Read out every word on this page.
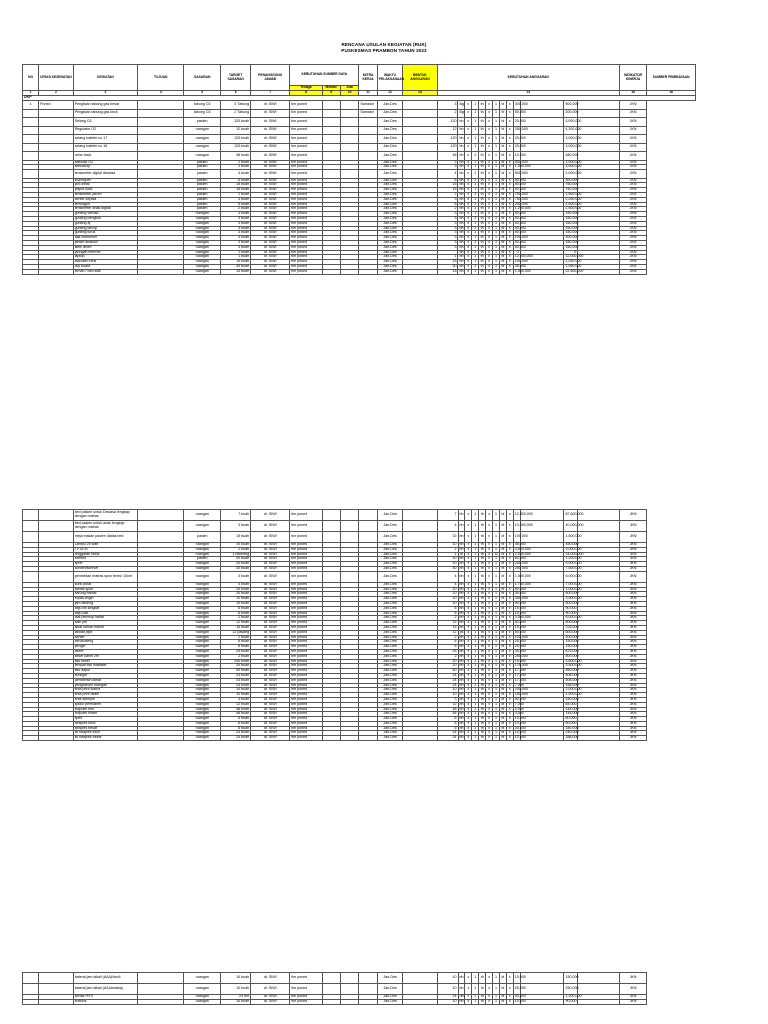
RENCANA USULAN KEGIATAN (RUK)
PUSKESMAS PRAMBON TAHUN 2023
NO	UPAYA KESEHATAN	KEGIATAN	TUJUAN	SASARAN	TARGET SASARAN	PENANGGUNG JAWAB	KEBUTUHAN SUMBER DAYA			MITRA KERJA	WAKTU PELAKSANAAN	BENTUK ANGGARAN	KEBUTUHAN ANGGARAN													INDIKATOR KINERJA	SUMBER PEMBIAYAAN
							Tenaga	Metode	Alat																		
1	2	3	4	5	6	7	8	9	10	11	12	13	14													15	16
UKP																											
1	Poned	Pengisian tabung gas besar		tabung O2	3 Tabung	dr. SIWI	tim poned			Samator	Jan-Des		3	Bg	x	1	th	x	1	bl	x	300,000		900,000		JKN	
		Pengisian tabung gas kecil		tabung O2	2 Tabung	dr. SIWI	tim poned			Samator	Jan-Des		2	Bg	x	1	th	x	1	bl	x	50,000		200,000		JKN	
		Selang O2		pasien	120 buah	dr. SIWI	tim poned				Jan-Des		120	bh	x	1	th	x	1	bl	x	25,000		3,000,000		JKN	
		Regulator O2		ruangan	12 buah	dr. SIWI	tim poned				Jan-Des		12	bh	x	1	th	x	1	bl	x	350,000		4,200,000		JKN	
		selang kateter no 17		ruangan	120 buah	dr. SIWI	tim poned				Jan-Des		120	bh	x	1	th	x	1	bl	x	25,000		3,000,000		JKN	
		selang kateter no 16		ruangan	120 buah	dr. SIWI	tim poned				Jan-Des		120	bh	x	1	th	x	1	bl	x	25,000		3,000,000		JKN	
		urine back		ruangan	48 buah	dr. SIWI	tim poned				Jan-Des		48	bh	x	1	th	x	1	bl	x	10,000		480,000		JKN	
		saturasi O2		pasien	2 buah	dr. SIWI	tim poned				Jan-Des		2	bh	x	1	th	x	1	bl	x	500,000		1,000,000		JKN	
		stetoskop		pasien	3 buah	dr. SIWI	tim poned				Jan-Des		3	bh	x	1	th	x	1	bl	x	1,000,000		3,000,000		JKN	
		tensimeter digital dewasa		pasien	4 buah	dr. SIWI	tim poned				Jan-Des		4	bh	x	1	th	x	1	bl	x	500,000		2,000,000		JKN	
		tourniquet		pasien	6 buah	dr. SIWI	tim poned				Jan-Des		6	bh	x	1	th	x	1	bl	x	50,000		300,000		JKN	
		pot urinal		pasien	15 buah	dr. SIWI	tim poned				Jan-Des		15	bh	x	1	th	x	1	bl	x	50,000		750,000		JKN	
		pispot BAB		pasien	15 buah	dr. SIWI	tim poned				Jan-Des		15	bh	x	1	th	x	1	bl	x	50,000		750,000		JKN	
		tensimeter jarum		pasien	2 buah	dr. SIWI	tim poned				Jan-Des		2	bh	x	1	th	x	1	bl	x	750,000		1,500,000		JKN	
		senter kepala		pasien	3 buah	dr. SIWI	tim poned				Jan-Des		3	bh	x	1	th	x	1	bl	x	750,000		2,250,000		JKN	
		termogun		pasien	6 buah	dr. SIWI	tim poned				Jan-Des		6	bh	x	1	th	x	1	bl	x	250,000		1,500,000		JKN	
		tensimeter anak digital		pasien	2 buah	dr. SIWI	tim poned				Jan-Des		2	bh	x	1	th	x	1	bl	x	1,250,000		2,500,000		JKN	
		gunting verban		ruangan	3 buah	dr. SIWI	tim poned				Jan-Des		3	bh	x	1	th	x	1	bl	x	50,000		150,000		JKN	
		gunting bengkok		ruangan	3 buah	dr. SIWI	tim poned				Jan-Des		3	bh	x	1	th	x	1	bl	x	50,000		150,000		JKN	
		gunting aj		ruangan	3 buah	dr. SIWI	tim poned				Jan-Des		3	bh	x	1	th	x	1	bl	x	50,000		150,000		JKN	
		gunting lancip		ruangan	3 buah	dr. SIWI	tim poned				Jan-Des		3	bh	x	1	th	x	1	bl	x	50,000		150,000		JKN	
		gunting lurus		ruangan	3 buah	dr. SIWI	tim poned				Jan-Des		3	bh	x	1	th	x	1	bl	x	50,000		150,000		JKN	
		bak instrumen		ruangan	3 buah	dr. SIWI	tim poned				Jan-Des		3	bh	x	1	th	x	1	bl	x	100,000		300,000		JKN	
		pinset anatomi		ruangan	3 buah	dr. SIWI	tim poned				Jan-Des		3	bh	x	1	th	x	1	bl	x	50,000		150,000		JKN	
		klem arteri		ruangan	3 buah	dr. SIWI	tim poned				Jan-Des		3	bh	x	1	th	x	1	bl	x	50,000		150,000		JKN	
		jaringan internet		ruangan	1 buah	dr. SIWI	tim poned				Jan-Des			bh	x	1	th	x	1	bl	x	0		0		JKN	
		laptop		ruangan	1 buah	dr. SIWI	tim poned				Jan-Des		1	bh	x	1	th	x	1	bl	x	12,000,000		12,000,000		JKN	
		standart infus		ruangan	15 buah	dr. SIWI	tim poned				Jan-Des		15	bh	x	1	th	x	1	bl	x	150,000		2,250,000		JKN	
		clip board		ruangan	30 buah	dr. SIWI	tim poned				Jan-Des		30	bh	x	1	th	x	1	bl	x	35,000		1,050,000		JKN	
		lemari / bed side		ruangan	15 buah	dr. SIWI	tim poned				Jan-Des		15	bh	x	1	th	x	1	bl	x	1,500,000		22,500,000		JKN	
		bed pasien untuk Dewasa lengkap dengan matras		ruangan	7 buah	dr. SIWI	tim poned				Jan-Des		7	bh	x	1	th	x	1	bl	x	12,500,000		87,500,000		JKN
		bed pasien untuk anak lengkap dengan matras		ruangan	3 buah	dr. SIWI	tim poned				Jan-Des		4	bh	x	1	th	x	1	bl	x	10,000,000		40,000,000		JKN
		meja makan pasien diatas bed		pasien	15 buah	dr. SIWI	tim poned				Jan-Des		15	bh	x	1	th	x	1	bl	x	100,000		1,500,000		JKN
		Lampu 25 watt		ruangan	10 buah	dr. SIWI	tim poned				Jan-Des		10	bh	x	1	th	x	1	bl	x	45,000		450,000		JKN
		Tv 32 in		ruangan	2 buah	dr. SIWI	tim poned				Jan-Des		2	bh	x	1	th	x	1	bl	x	4,500,000		9,000,000		JKN
		Anggaran listrik		ruangan	1 rekening	dr. SIWI	tim poned				Jan-Des		1	bl	x	1	th	x	12	bl	x	2,000,000		24,000,000		JKN
		selimut		pasien	20 buah	dr. SIWI	tim poned				Jan-Des		20	bh	x	1	th	x	1	bl	x	60,000		1,200,000		JKN
		sprei		ruangan	20 buah	dr. SIWI	tim poned				Jan-Des		20	bh	x	1	th	x	1	bl	x	250,000		5,000,000		JKN
		korden/skerset		ruangan	30 buah	dr. SIWI	tim poned				Jan-Des		30	bh	x	1	th	x	1	bl	x	250,000		7,500,000		JKN
		pembelian matras spon tenrur 15cm		ruangan	4 buah	dr. SIWI	tim poned				Jan-Des		4	bh	x	1	th	x	1	bl	x	1,500,000		6,000,000		JKN
		kursi putar		ruangan	4 buah	dr. SIWI	tim poned				Jan-Des		4	bh	x	1	th	x	1	bl	x	1,750,000		7,000,000		JKN
		bantal spon		ruangan	20 buah	dr. SIWI	tim poned				Jan-Des		20	bh	x	1	th	x	1	bl	x	50,000		1,000,000		JKN
		sarung bantal		ruangan	20 buah	dr. SIWI	tim poned				Jan-Des		20	bh	x	1	th	x	1	bl	x	30,000		600,000		JKN
		Kipas angin		ruangan	10 buah	dr. SIWI	tim poned				Jan-Des		10	bh	x	1	th	x	1	bl	x	350,000		3,500,000		JKN
		jam dinding		ruangan	10 buah	dr. SIWI	tim poned				Jan-Des		10	bh	x	1	th	x	1	bl	x	50,000		500,000		JKN
		baju kiti kingkat		ruangan	6 buah	dr. SIWI	tim poned				Jan-Des		6	bh	x	1	th	x	1	bl	x	15,000		90,000		JKN
		baju pak		ruangan	6 buah	dr. SIWI	tim poned				Jan-Des		6	bh	x	1	th	x	1	bl	x	15,000		90,000		JKN
		alat pel/mop lantai		ruangan	2 buah	dr. SIWI	tim poned				Jan-Des		2	bh	x	1	th	x	1	bl	x	3,000,000		6,000,000		JKN
		kain pel		ruangan	12 buah	dr. SIWI	tim poned				Jan-Des		12	bh	x	1	th	x	1	bl	x	50,000		600,000		JKN
		sikat kamar mandi		ruangan	15 buah	dr. SIWI	tim poned				Jan-Des		15	bh	x	1	th	x	1	bl	x	15,000		225,000		JKN
		tandat pipit		ruangan	12 pasang	dr. SIWI	tim poned				Jan-Des		12	ps	x	1	th	x	1	bl	x	50,000		600,000		JKN
		senter		ruangan	2 buah	dr. SIWI	tim poned				Jan-Des		2	bh	x	1	th	x	1	bl	x	100,000		200,000		JKN
		serokoseng		ruangan	6 buah	dr. SIWI	tim poned				Jan-Des		6	bh	x	1	th	x	1	bl	x	25,000		150,000		JKN
		pengki		ruangan	6 buah	dr. SIWI	tim poned				Jan-Des		6	bh	x	1	th	x	1	bl	x	25,000		150,000		JKN
		aseet		ruangan	25 buah	dr. SIWI	tim poned				Jan-Des		25	bh	x	1	th	x	1	bl	x	35,000		875,000		JKN
		keset kamit 2m		ruangan	2 buah	dr. SIWI	tim poned				Jan-Des		2	bh	x	1	th	x	1	bl	x	250,000		500,000		JKN
		tisu towel		ruangan	240 buah	dr. SIWI	tim poned				Jan-Des		20	bh	x	1	th	x	1	bl	x	15,000		3,600,000		JKN
		tempat tisu wastafel		ruangan	20 buah	dr. SIWI	tim poned				Jan-Des		20	bh	x	1	th	x	1	bl	x	175,000		3,500,000		JKN
		tisu dapur		ruangan	50 buah	dr. SIWI	tim poned				Jan-Des		50	bh	x	1	th	x	1	bl	x	17,000		850,000		JKN
		sunlight		ruangan	24 buah	dr. SIWI	tim poned				Jan-Des		24	bh	x	1	th	x	1	bl	x	17,000		408,000		JKN
		pembersih lantai		ruangan	24 buah	dr. SIWI	tim poned				Jan-Des		24	bh	x	1	th	x	1	bl	x	17,000		408,000		JKN
		pengharum ruangan		ruangan	24 buah	dr. SIWI	tim poned				Jan-Des		24	bh	x	1	th	x	1	bl	x	7,000		168,000		JKN
		tinta print warna		ruangan	10 buah	dr. SIWI	tim poned				Jan-Des		10	bh	x	1	th	x	1	bl	x	200,000		2,000,000		JKN
		tinta print hitam		ruangan	10 buah	dr. SIWI	tim poned				Jan-Des		10	bh	x	1	th	x	1	bl	x	150,000		1,500,000		JKN
		tinta stempel		ruangan	3 buah	dr. SIWI	tim poned				Jan-Des		3	bh	x	1	th	x	1	bl	x	50,000		150,000		JKN
		spidol permanen		ruangan	12 buah	dr. SIWI	tim poned				Jan-Des		12	bh	x	1	th	x	1	bl	x	7,000		84,000		JKN
		bolpoint biru		ruangan	48 buah	dr. SIWI	tim poned				Jan-Des		48	bh	x	1	th	x	1	bl	x	3,000		144,000		JKN
		bolpoint hitam		ruangan	48 buah	dr. SIWI	tim poned				Jan-Des		48	bh	x	1	th	x	1	bl	x	3,000		144,000		JKN
		tipex		ruangan	6 buah	dr. SIWI	tim poned				Jan-Des		6	bh	x	1	th	x	1	bl	x	10,000		60,000		JKN
		straples kecil		ruangan	6 buah	dr. SIWI	tim poned				Jan-Des		6	bh	x	1	th	x	1	bl	x	10,000		60,000		JKN
		straples besar		ruangan	6 buah	dr. SIWI	tim poned				Jan-Des		6	bh	x	1	th	x	1	bl	x	30,000		180,000		JKN
		isi straples kecil		ruangan	24 buah	dr. SIWI	tim poned				Jan-Des		24	bh	x	1	th	x	1	bl	x	10,000		240,000		JKN
		isi straples besar		ruangan	24 buah	dr. SIWI	tim poned				Jan-Des		24	bh	x	1	th	x	1	bl	x	12,000		288,000		JKN
		baterai jam alkali (AAA)/kecil		ruangan	10 buah	dr. SIWI	tim poned				Jan-Des		10	bh	x	1	th	x	1	bl	x	15,000		150,000		JKN
		baterai jam alkali (AA)/sedang		ruangan	10 buah	dr. SIWI	tim poned				Jan-Des		10	bh	x	1	th	x	1	bl	x	25,000		250,000		JKN
		kertas HVS		ruangan	24 rim	dr. SIWI	tim poned				Jan-Des		24	rim	x	1	th	x	1	bl	x	50,000		1,200,000		JKN
		buttons		ruangan	10 buah	dr. SIWI	tim poned				Jan-Des		10	bh	x	1	th	x	1	bl	x	10,000		90,000		JKN
